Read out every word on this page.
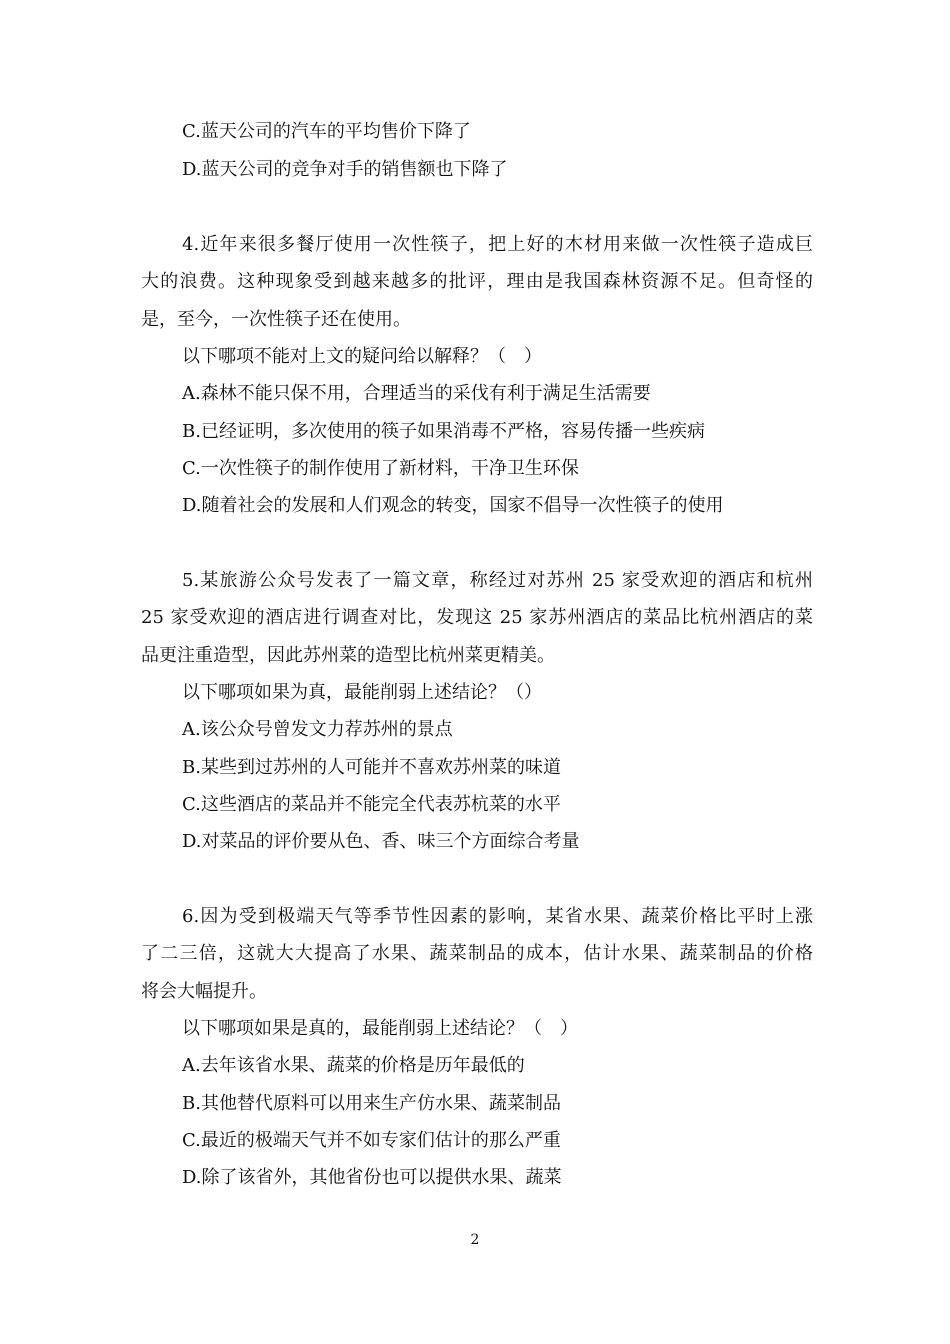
C.蓝天公司的汽车的平均售价下降了
D.蓝天公司的竞争对手的销售额也下降了
4.近年来很多餐厅使用一次性筷子，把上好的木材用来做一次性筷子造成巨
大的浪费。这种现象受到越来越多的批评，理由是我国森林资源不足。但奇怪的
是，至今，一次性筷子还在使用。
以下哪项不能对上文的疑问给以解释？（　）
A.森林不能只保不用，合理适当的采伐有利于满足生活需要
B.已经证明，多次使用的筷子如果消毒不严格，容易传播一些疾病
C.一次性筷子的制作使用了新材料，干净卫生环保
D.随着社会的发展和人们观念的转变，国家不倡导一次性筷子的使用
5.某旅游公众号发表了一篇文章，称经过对苏州 25 家受欢迎的酒店和杭州
25 家受欢迎的酒店进行调查对比，发现这 25 家苏州酒店的菜品比杭州酒店的菜
品更注重造型，因此苏州菜的造型比杭州菜更精美。
以下哪项如果为真，最能削弱上述结论？（）
A.该公众号曾发文力荐苏州的景点
B.某些到过苏州的人可能并不喜欢苏州菜的味道
C.这些酒店的菜品并不能完全代表苏杭菜的水平
D.对菜品的评价要从色、香、味三个方面综合考量
6.因为受到极端天气等季节性因素的影响，某省水果、蔬菜价格比平时上涨
了二三倍，这就大大提高了水果、蔬菜制品的成本，估计水果、蔬菜制品的价格
将会大幅提升。
以下哪项如果是真的，最能削弱上述结论？（　）
A.去年该省水果、蔬菜的价格是历年最低的
B.其他替代原料可以用来生产仿水果、蔬菜制品
C.最近的极端天气并不如专家们估计的那么严重
D.除了该省外，其他省份也可以提供水果、蔬菜
2
